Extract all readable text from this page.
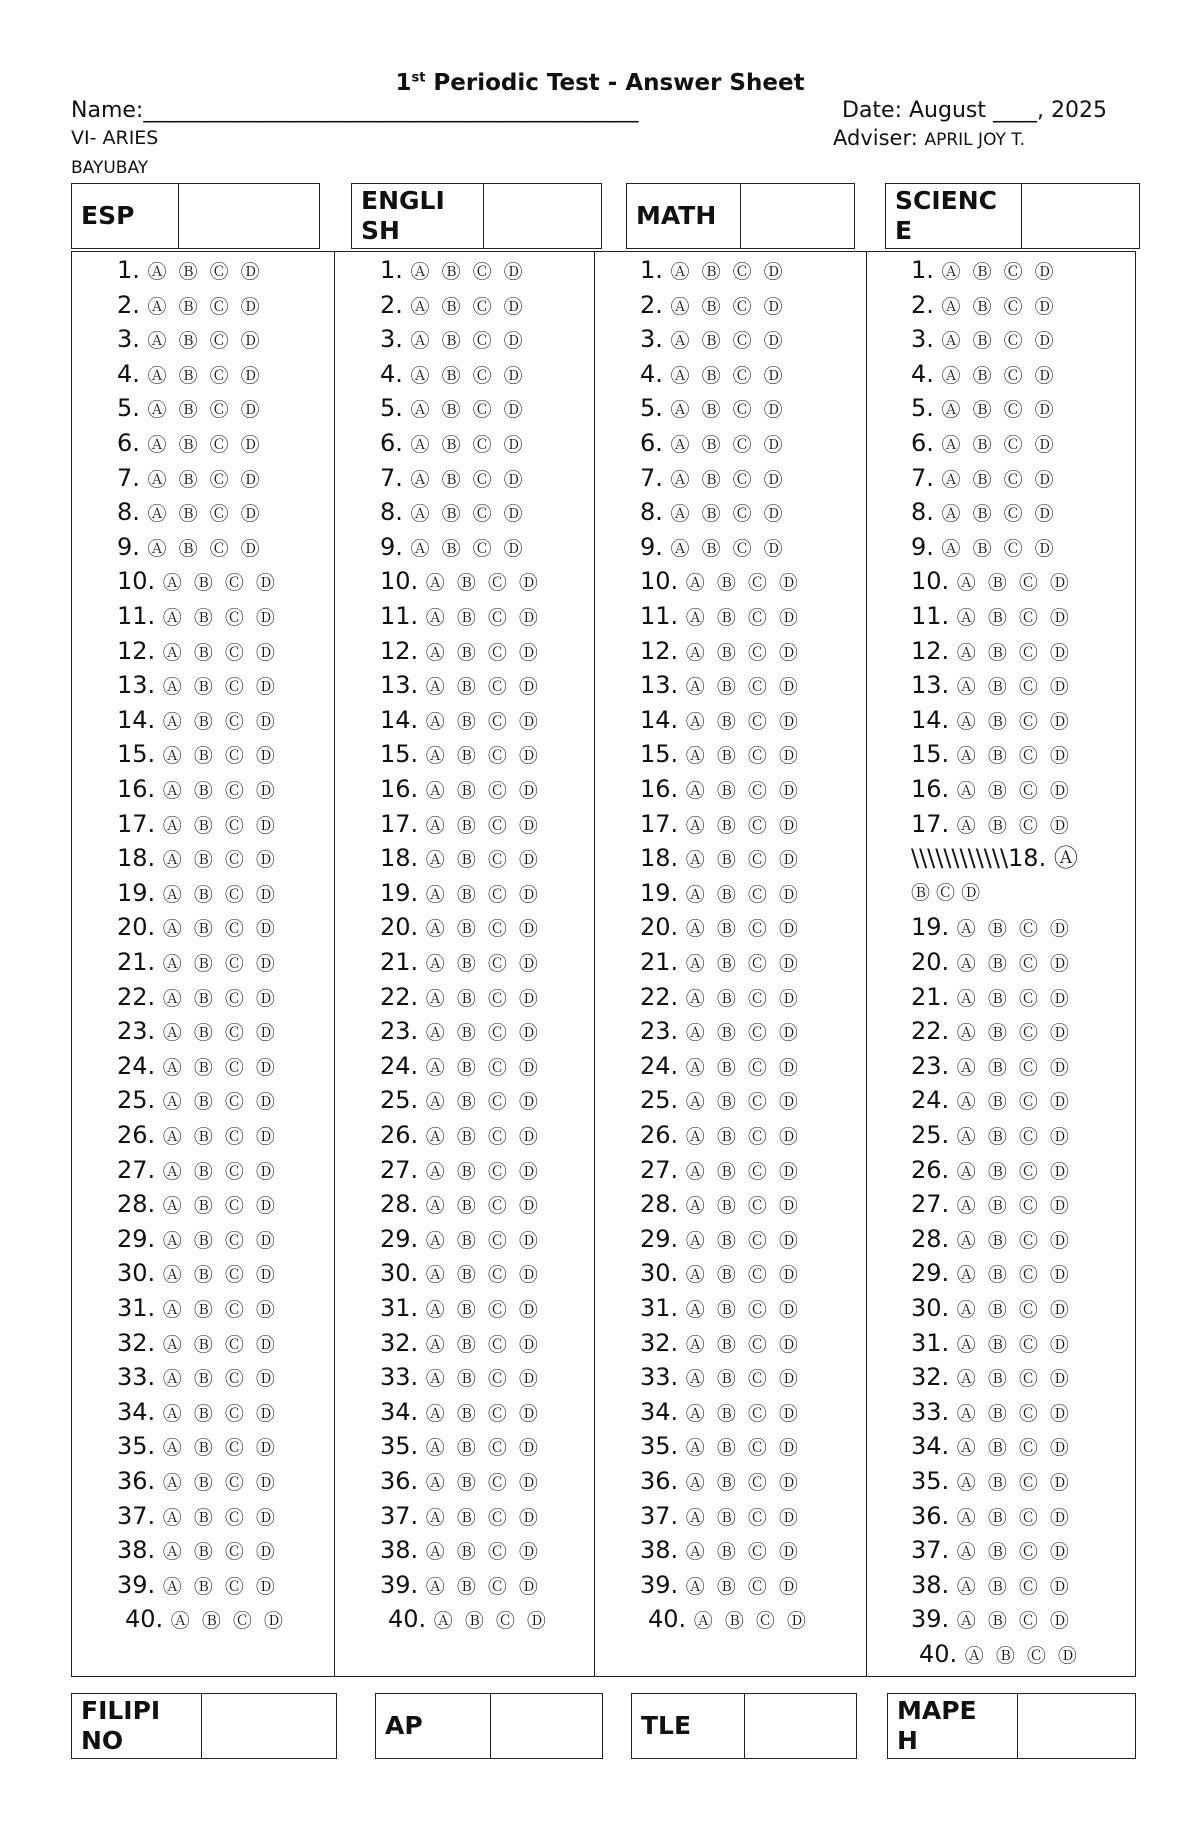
1st Periodic Test - Answer Sheet
Name:_____________________________________________	Date: August ____, 2025
VI- ARIES	Adviser: APRIL JOY T.
BAYUBAY
ESP
ENGLI
SH
MATH
SCIENC
E
1. Ⓐ Ⓑ Ⓒ Ⓓ
2. Ⓐ Ⓑ Ⓒ Ⓓ
3. Ⓐ Ⓑ Ⓒ Ⓓ
4. Ⓐ Ⓑ Ⓒ Ⓓ
5. Ⓐ Ⓑ Ⓒ Ⓓ
6. Ⓐ Ⓑ Ⓒ Ⓓ
7. Ⓐ Ⓑ Ⓒ Ⓓ
8. Ⓐ Ⓑ Ⓒ Ⓓ
9. Ⓐ Ⓑ Ⓒ Ⓓ
10. Ⓐ Ⓑ Ⓒ Ⓓ
11. Ⓐ Ⓑ Ⓒ Ⓓ
12. Ⓐ Ⓑ Ⓒ Ⓓ
13. Ⓐ Ⓑ Ⓒ Ⓓ
14. Ⓐ Ⓑ Ⓒ Ⓓ
15. Ⓐ Ⓑ Ⓒ Ⓓ
16. Ⓐ Ⓑ Ⓒ Ⓓ
17. Ⓐ Ⓑ Ⓒ Ⓓ
18. Ⓐ Ⓑ Ⓒ Ⓓ
19. Ⓐ Ⓑ Ⓒ Ⓓ
20. Ⓐ Ⓑ Ⓒ Ⓓ
21. Ⓐ Ⓑ Ⓒ Ⓓ
22. Ⓐ Ⓑ Ⓒ Ⓓ
23. Ⓐ Ⓑ Ⓒ Ⓓ
24. Ⓐ Ⓑ Ⓒ Ⓓ
25. Ⓐ Ⓑ Ⓒ Ⓓ
26. Ⓐ Ⓑ Ⓒ Ⓓ
27. Ⓐ Ⓑ Ⓒ Ⓓ
28. Ⓐ Ⓑ Ⓒ Ⓓ
29. Ⓐ Ⓑ Ⓒ Ⓓ
30. Ⓐ Ⓑ Ⓒ Ⓓ
31. Ⓐ Ⓑ Ⓒ Ⓓ
32. Ⓐ Ⓑ Ⓒ Ⓓ
33. Ⓐ Ⓑ Ⓒ Ⓓ
34. Ⓐ Ⓑ Ⓒ Ⓓ
35. Ⓐ Ⓑ Ⓒ Ⓓ
36. Ⓐ Ⓑ Ⓒ Ⓓ
37. Ⓐ Ⓑ Ⓒ Ⓓ
38. Ⓐ Ⓑ Ⓒ Ⓓ
39. Ⓐ Ⓑ Ⓒ Ⓓ
40. Ⓐ Ⓑ Ⓒ Ⓓ
1. Ⓐ Ⓑ Ⓒ Ⓓ
2. Ⓐ Ⓑ Ⓒ Ⓓ
3. Ⓐ Ⓑ Ⓒ Ⓓ
4. Ⓐ Ⓑ Ⓒ Ⓓ
5. Ⓐ Ⓑ Ⓒ Ⓓ
6. Ⓐ Ⓑ Ⓒ Ⓓ
7. Ⓐ Ⓑ Ⓒ Ⓓ
8. Ⓐ Ⓑ Ⓒ Ⓓ
9. Ⓐ Ⓑ Ⓒ Ⓓ
10. Ⓐ Ⓑ Ⓒ Ⓓ
11. Ⓐ Ⓑ Ⓒ Ⓓ
12. Ⓐ Ⓑ Ⓒ Ⓓ
13. Ⓐ Ⓑ Ⓒ Ⓓ
14. Ⓐ Ⓑ Ⓒ Ⓓ
15. Ⓐ Ⓑ Ⓒ Ⓓ
16. Ⓐ Ⓑ Ⓒ Ⓓ
17. Ⓐ Ⓑ Ⓒ Ⓓ
18. Ⓐ Ⓑ Ⓒ Ⓓ
19. Ⓐ Ⓑ Ⓒ Ⓓ
20. Ⓐ Ⓑ Ⓒ Ⓓ
21. Ⓐ Ⓑ Ⓒ Ⓓ
22. Ⓐ Ⓑ Ⓒ Ⓓ
23. Ⓐ Ⓑ Ⓒ Ⓓ
24. Ⓐ Ⓑ Ⓒ Ⓓ
25. Ⓐ Ⓑ Ⓒ Ⓓ
26. Ⓐ Ⓑ Ⓒ Ⓓ
27. Ⓐ Ⓑ Ⓒ Ⓓ
28. Ⓐ Ⓑ Ⓒ Ⓓ
29. Ⓐ Ⓑ Ⓒ Ⓓ
30. Ⓐ Ⓑ Ⓒ Ⓓ
31. Ⓐ Ⓑ Ⓒ Ⓓ
32. Ⓐ Ⓑ Ⓒ Ⓓ
33. Ⓐ Ⓑ Ⓒ Ⓓ
34. Ⓐ Ⓑ Ⓒ Ⓓ
35. Ⓐ Ⓑ Ⓒ Ⓓ
36. Ⓐ Ⓑ Ⓒ Ⓓ
37. Ⓐ Ⓑ Ⓒ Ⓓ
38. Ⓐ Ⓑ Ⓒ Ⓓ
39. Ⓐ Ⓑ Ⓒ Ⓓ
40. Ⓐ Ⓑ Ⓒ Ⓓ
1. Ⓐ Ⓑ Ⓒ Ⓓ
2. Ⓐ Ⓑ Ⓒ Ⓓ
3. Ⓐ Ⓑ Ⓒ Ⓓ
4. Ⓐ Ⓑ Ⓒ Ⓓ
5. Ⓐ Ⓑ Ⓒ Ⓓ
6. Ⓐ Ⓑ Ⓒ Ⓓ
7. Ⓐ Ⓑ Ⓒ Ⓓ
8. Ⓐ Ⓑ Ⓒ Ⓓ
9. Ⓐ Ⓑ Ⓒ Ⓓ
10. Ⓐ Ⓑ Ⓒ Ⓓ
11. Ⓐ Ⓑ Ⓒ Ⓓ
12. Ⓐ Ⓑ Ⓒ Ⓓ
13. Ⓐ Ⓑ Ⓒ Ⓓ
14. Ⓐ Ⓑ Ⓒ Ⓓ
15. Ⓐ Ⓑ Ⓒ Ⓓ
16. Ⓐ Ⓑ Ⓒ Ⓓ
17. Ⓐ Ⓑ Ⓒ Ⓓ
18. Ⓐ Ⓑ Ⓒ Ⓓ
19. Ⓐ Ⓑ Ⓒ Ⓓ
20. Ⓐ Ⓑ Ⓒ Ⓓ
21. Ⓐ Ⓑ Ⓒ Ⓓ
22. Ⓐ Ⓑ Ⓒ Ⓓ
23. Ⓐ Ⓑ Ⓒ Ⓓ
24. Ⓐ Ⓑ Ⓒ Ⓓ
25. Ⓐ Ⓑ Ⓒ Ⓓ
26. Ⓐ Ⓑ Ⓒ Ⓓ
27. Ⓐ Ⓑ Ⓒ Ⓓ
28. Ⓐ Ⓑ Ⓒ Ⓓ
29. Ⓐ Ⓑ Ⓒ Ⓓ
30. Ⓐ Ⓑ Ⓒ Ⓓ
31. Ⓐ Ⓑ Ⓒ Ⓓ
32. Ⓐ Ⓑ Ⓒ Ⓓ
33. Ⓐ Ⓑ Ⓒ Ⓓ
34. Ⓐ Ⓑ Ⓒ Ⓓ
35. Ⓐ Ⓑ Ⓒ Ⓓ
36. Ⓐ Ⓑ Ⓒ Ⓓ
37. Ⓐ Ⓑ Ⓒ Ⓓ
38. Ⓐ Ⓑ Ⓒ Ⓓ
39. Ⓐ Ⓑ Ⓒ Ⓓ
40. Ⓐ Ⓑ Ⓒ Ⓓ
1. Ⓐ Ⓑ Ⓒ Ⓓ
2. Ⓐ Ⓑ Ⓒ Ⓓ
3. Ⓐ Ⓑ Ⓒ Ⓓ
4. Ⓐ Ⓑ Ⓒ Ⓓ
5. Ⓐ Ⓑ Ⓒ Ⓓ
6. Ⓐ Ⓑ Ⓒ Ⓓ
7. Ⓐ Ⓑ Ⓒ Ⓓ
8. Ⓐ Ⓑ Ⓒ Ⓓ
9. Ⓐ Ⓑ Ⓒ Ⓓ
10. Ⓐ Ⓑ Ⓒ Ⓓ
11. Ⓐ Ⓑ Ⓒ Ⓓ
12. Ⓐ Ⓑ Ⓒ Ⓓ
13. Ⓐ Ⓑ Ⓒ Ⓓ
14. Ⓐ Ⓑ Ⓒ Ⓓ
15. Ⓐ Ⓑ Ⓒ Ⓓ
16. Ⓐ Ⓑ Ⓒ Ⓓ
17. Ⓐ Ⓑ Ⓒ Ⓓ
\\\\\\\\\\\\18. Ⓐ
Ⓑ Ⓒ Ⓓ
19. Ⓐ Ⓑ Ⓒ Ⓓ
20. Ⓐ Ⓑ Ⓒ Ⓓ
21. Ⓐ Ⓑ Ⓒ Ⓓ
22. Ⓐ Ⓑ Ⓒ Ⓓ
23. Ⓐ Ⓑ Ⓒ Ⓓ
24. Ⓐ Ⓑ Ⓒ Ⓓ
25. Ⓐ Ⓑ Ⓒ Ⓓ
26. Ⓐ Ⓑ Ⓒ Ⓓ
27. Ⓐ Ⓑ Ⓒ Ⓓ
28. Ⓐ Ⓑ Ⓒ Ⓓ
29. Ⓐ Ⓑ Ⓒ Ⓓ
30. Ⓐ Ⓑ Ⓒ Ⓓ
31. Ⓐ Ⓑ Ⓒ Ⓓ
32. Ⓐ Ⓑ Ⓒ Ⓓ
33. Ⓐ Ⓑ Ⓒ Ⓓ
34. Ⓐ Ⓑ Ⓒ Ⓓ
35. Ⓐ Ⓑ Ⓒ Ⓓ
36. Ⓐ Ⓑ Ⓒ Ⓓ
37. Ⓐ Ⓑ Ⓒ Ⓓ
38. Ⓐ Ⓑ Ⓒ Ⓓ
39. Ⓐ Ⓑ Ⓒ Ⓓ
40. Ⓐ Ⓑ Ⓒ Ⓓ
FILIPI
NO
AP	TLE
MAPE
H
